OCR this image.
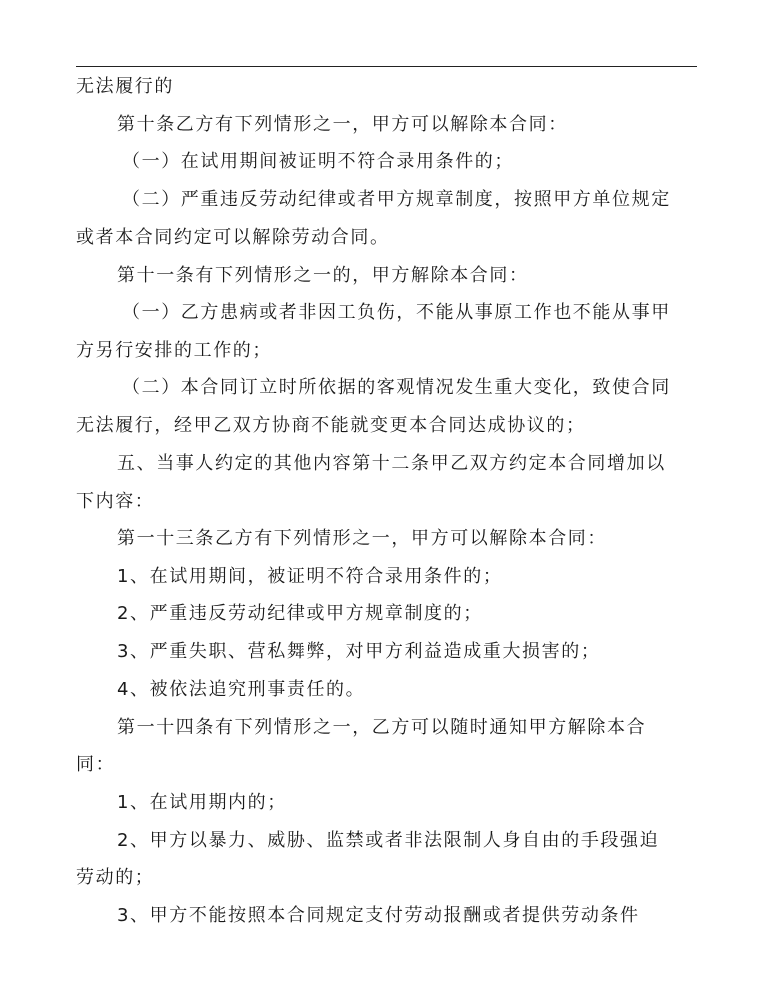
无法履行的
第十条乙方有下列情形之一，甲方可以解除本合同：
（一）在试用期间被证明不符合录用条件的；
（二）严重违反劳动纪律或者甲方规章制度，按照甲方单位规定
或者本合同约定可以解除劳动合同。
第十一条有下列情形之一的，甲方解除本合同：
（一）乙方患病或者非因工负伤，不能从事原工作也不能从事甲
方另行安排的工作的；
（二）本合同订立时所依据的客观情况发生重大变化，致使合同
无法履行，经甲乙双方协商不能就变更本合同达成协议的；
五、当事人约定的其他内容第十二条甲乙双方约定本合同增加以
下内容：
第一十三条乙方有下列情形之一，甲方可以解除本合同：
1、在试用期间，被证明不符合录用条件的；
2、严重违反劳动纪律或甲方规章制度的；
3、严重失职、营私舞弊，对甲方利益造成重大损害的；
4、被依法追究刑事责任的。
第一十四条有下列情形之一，乙方可以随时通知甲方解除本合
同：
1、在试用期内的；
2、甲方以暴力、威胁、监禁或者非法限制人身自由的手段强迫
劳动的；
3、甲方不能按照本合同规定支付劳动报酬或者提供劳动条件
